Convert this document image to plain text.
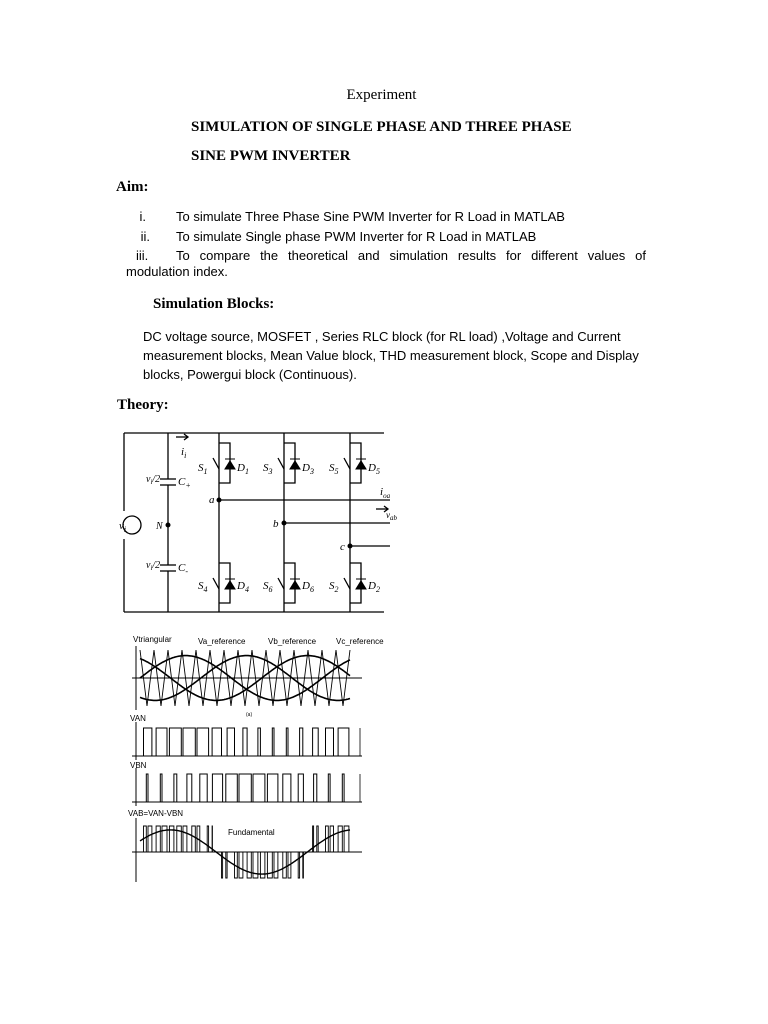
Experiment
SIMULATION OF SINGLE PHASE AND THREE PHASE
SINE PWM INVERTER
Aim:
i. To simulate Three Phase Sine PWM Inverter for R Load in MATLAB
ii. To simulate Single phase PWM Inverter for R Load in MATLAB
iii.	To compare the theoretical and simulation results for different values of
modulation index.
Simulation Blocks:
DC voltage source, MOSFET , Series RLC block (for RL load) ,Voltage and Current measurement blocks, Mean Value block, THD measurement block, Scope and Display blocks, Powergui block (Continuous).
Theory:
$v_i$
$i_i$
$v_i/2$ $C_+$
$v_i/2$ $C_-$
N
a
b
c
$i_{oa}$
$v_{ab}$
$S_1$	$D_1$ $S_3$	$D_3$ $S_5$	$D_5$
$S_4$	$D_4$ $S_6$	$D_6$ $S_2$	$D_2$
Vtriangular	Va_reference	Vb_reference Vc_reference
(a)
VAN
VBN
VAB=VAN-VBN
Fundamental
